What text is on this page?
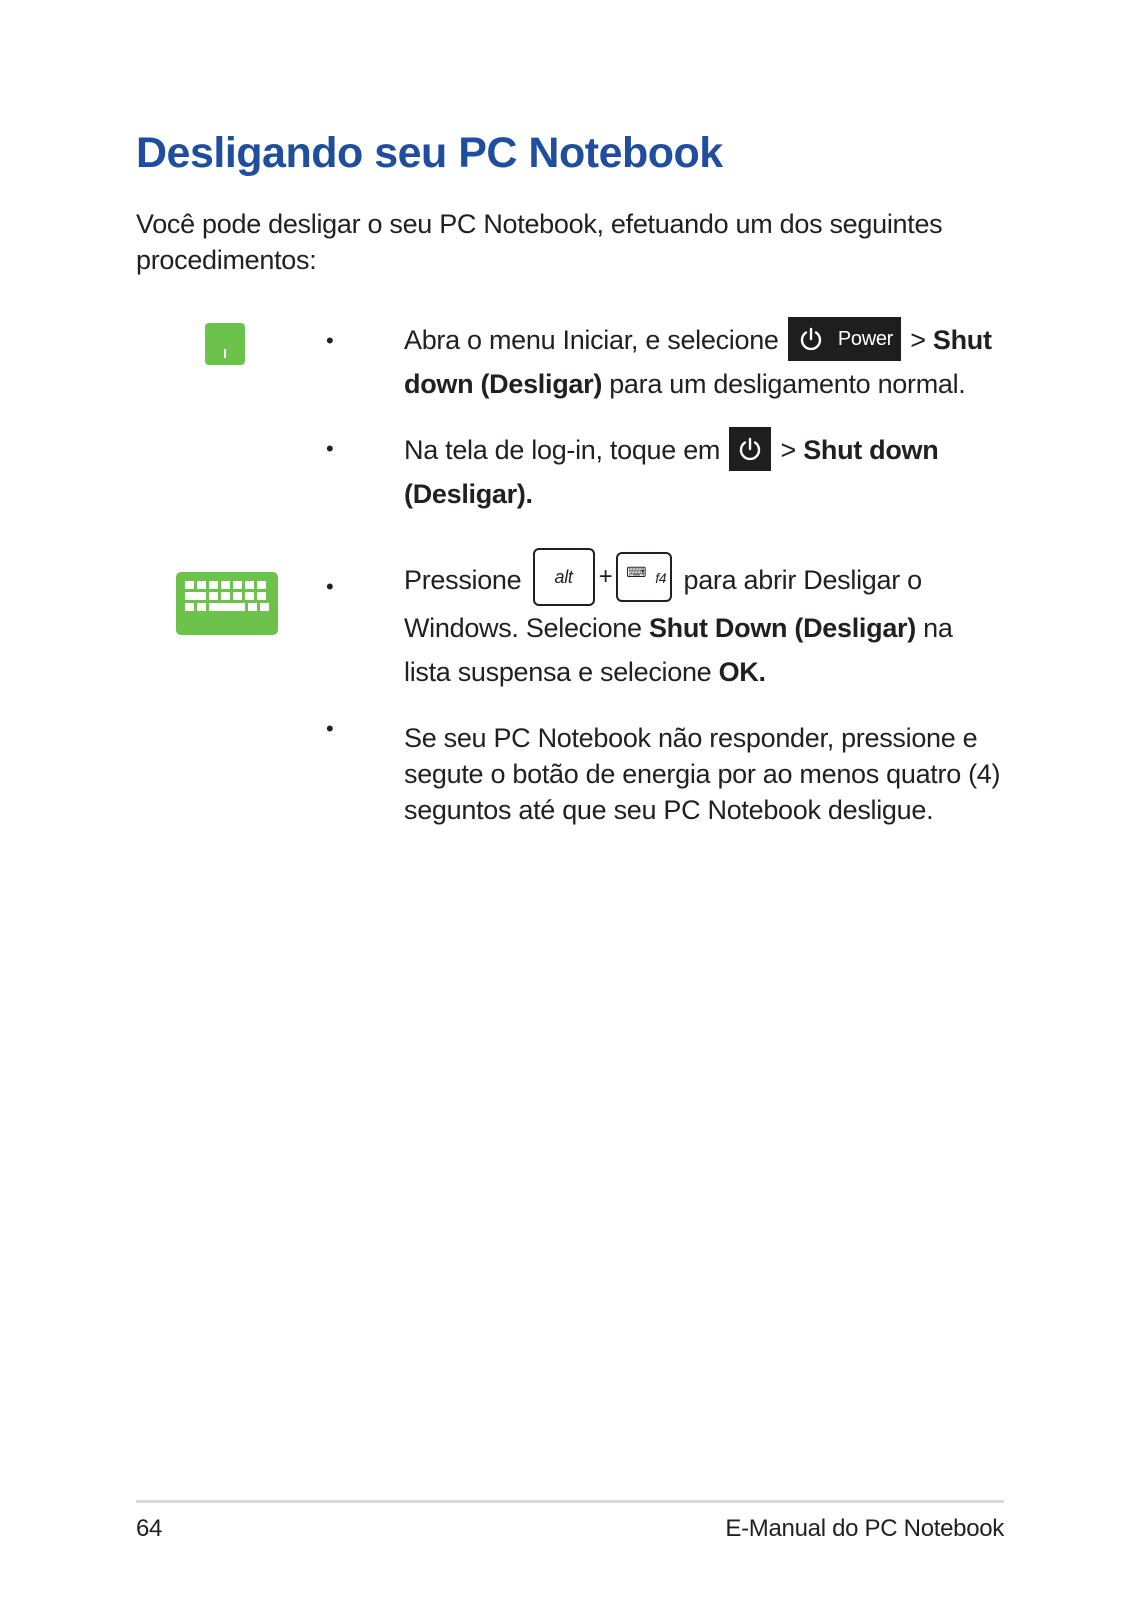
Desligando seu PC Notebook

Você pode desligar o seu PC Notebook, efetuando um dos seguintes procedimentos:

•	Abra o menu Iniciar, e selecione	Power > Shut down (Desligar) para um desligamento normal.
•	Na tela de log-in, toque em > Shut down (Desligar).
•	Pressione alt +	f4
⌨ para abrir Desligar o Windows. Selecione Shut Down (Desligar) na lista suspensa e selecione OK.
•	Se seu PC Notebook não responder, pressione e segute o botão de energia por ao menos quatro (4) seguntos até que seu PC Notebook desligue.
64	E-Manual do PC Notebook
